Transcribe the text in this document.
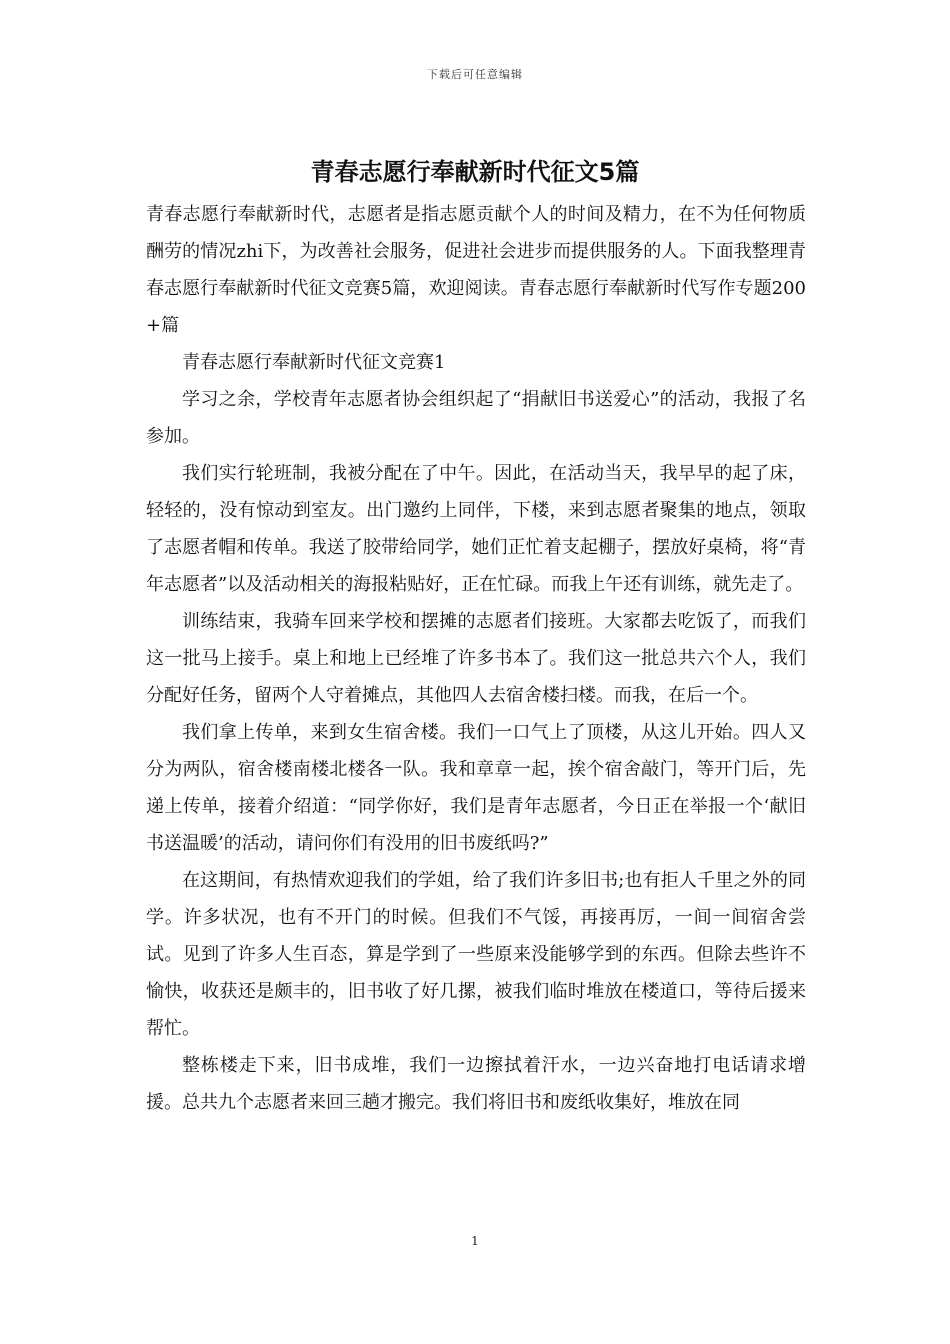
下载后可任意编辑
青春志愿行奉献新时代征文5篇

青春志愿行奉献新时代，志愿者是指志愿贡献个人的时间及精力，在不为任何物质酬劳的情况zhi下，为改善社会服务，促进社会进步而提供服务的人。下面我整理青春志愿行奉献新时代征文竞赛5篇，欢迎阅读。青春志愿行奉献新时代写作专题200+篇

青春志愿行奉献新时代征文竞赛1

学习之余，学校青年志愿者协会组织起了“捐献旧书送爱心”的活动，我报了名参加。

我们实行轮班制，我被分配在了中午。因此，在活动当天，我早早的起了床，轻轻的，没有惊动到室友。出门邀约上同伴，下楼，来到志愿者聚集的地点，领取了志愿者帽和传单。我送了胶带给同学，她们正忙着支起棚子，摆放好桌椅，将“青年志愿者”以及活动相关的海报粘贴好，正在忙碌。而我上午还有训练，就先走了。

训练结束，我骑车回来学校和摆摊的志愿者们接班。大家都去吃饭了，而我们这一批马上接手。桌上和地上已经堆了许多书本了。我们这一批总共六个人，我们分配好任务，留两个人守着摊点，其他四人去宿舍楼扫楼。而我，在后一个。

我们拿上传单，来到女生宿舍楼。我们一口气上了顶楼，从这儿开始。四人又分为两队，宿舍楼南楼北楼各一队。我和章章一起，挨个宿舍敲门，等开门后，先递上传单，接着介绍道：“同学你好，我们是青年志愿者，今日正在举报一个‘献旧书送温暖’的活动，请问你们有没用的旧书废纸吗?”

在这期间，有热情欢迎我们的学姐，给了我们许多旧书;也有拒人千里之外的同学。许多状况，也有不开门的时候。但我们不气馁，再接再厉，一间一间宿舍尝试。见到了许多人生百态，算是学到了一些原来没能够学到的东西。但除去些许不愉快，收获还是颇丰的，旧书收了好几摞，被我们临时堆放在楼道口，等待后援来帮忙。

整栋楼走下来，旧书成堆，我们一边擦拭着汗水，一边兴奋地打电话请求增援。总共九个志愿者来回三趟才搬完。我们将旧书和废纸收集好，堆放在同

1
